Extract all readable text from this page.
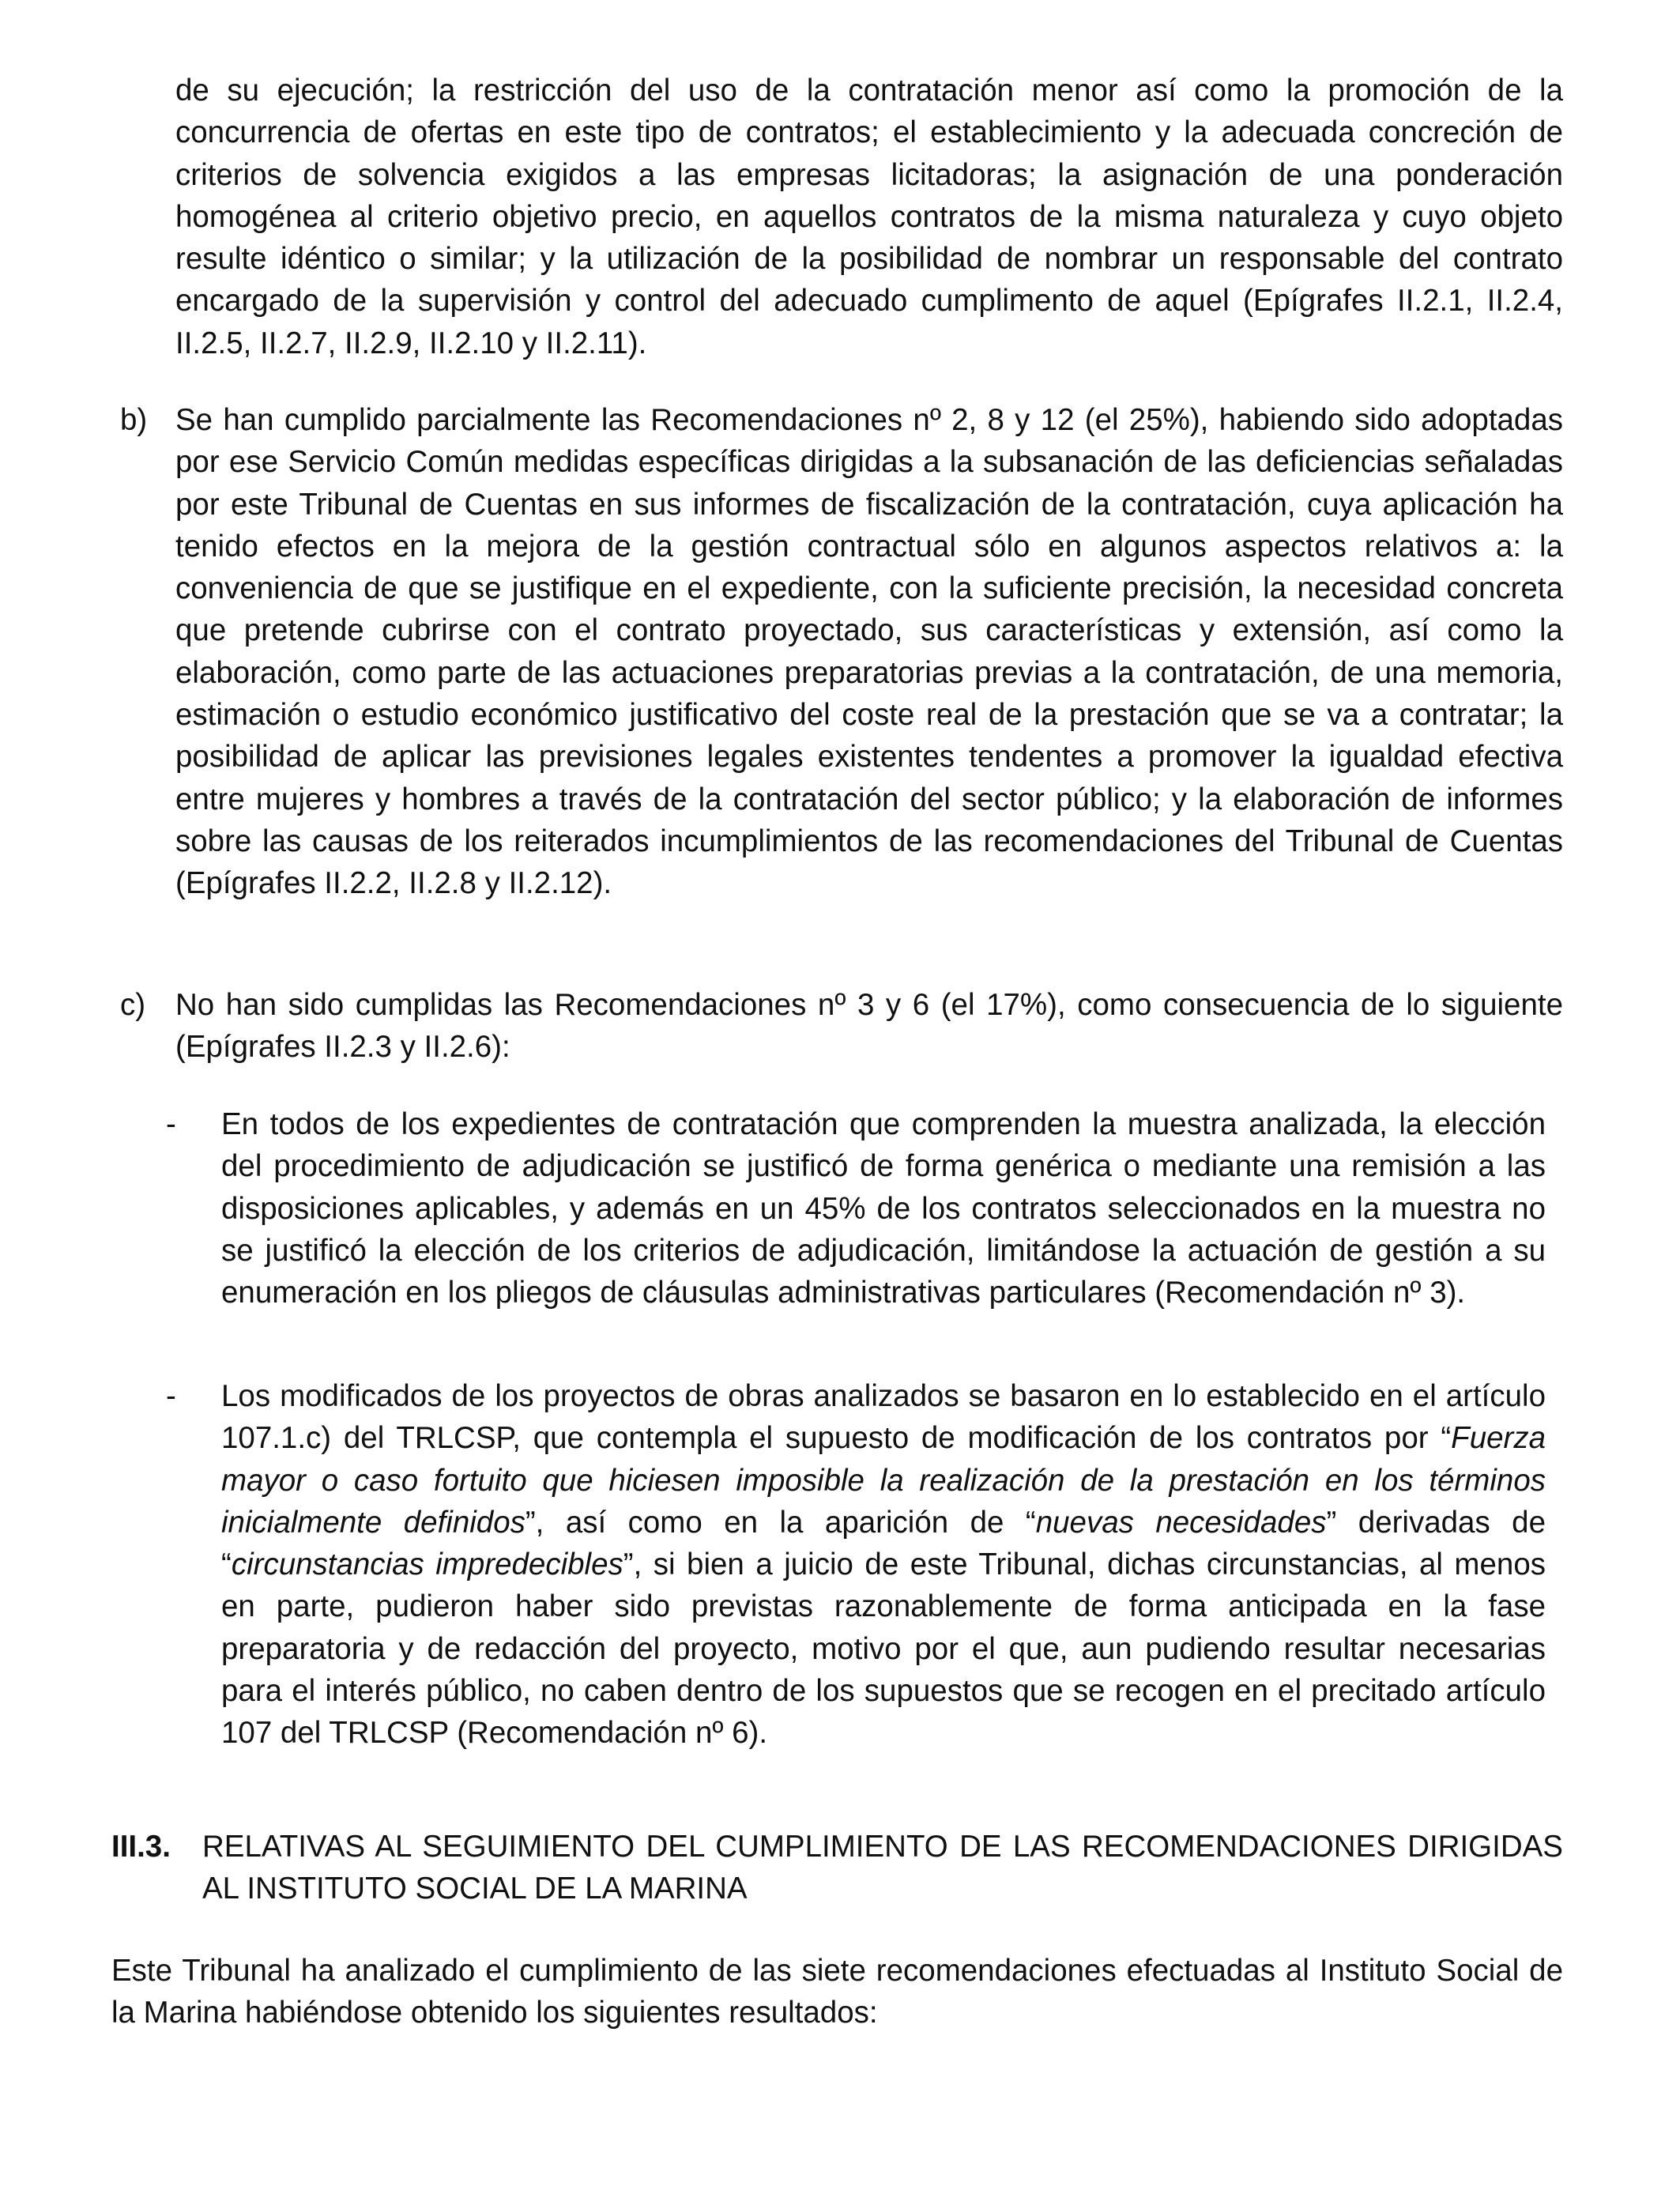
de su ejecución; la restricción del uso de la contratación menor así como la promoción de la concurrencia de ofertas en este tipo de contratos; el establecimiento y la adecuada concreción de criterios de solvencia exigidos a las empresas licitadoras; la asignación de una ponderación homogénea al criterio objetivo precio, en aquellos contratos de la misma naturaleza y cuyo objeto resulte idéntico o similar; y la utilización de la posibilidad de nombrar un responsable del contrato encargado de la supervisión y control del adecuado cumplimento de aquel (Epígrafes II.2.1, II.2.4, II.2.5, II.2.7, II.2.9, II.2.10 y II.2.11).

b) Se han cumplido parcialmente las Recomendaciones nº 2, 8 y 12 (el 25%), habiendo sido adoptadas por ese Servicio Común medidas específicas dirigidas a la subsanación de las deficiencias señaladas por este Tribunal de Cuentas en sus informes de fiscalización de la contratación, cuya aplicación ha tenido efectos en la mejora de la gestión contractual sólo en algunos aspectos relativos a: la conveniencia de que se justifique en el expediente, con la suficiente precisión, la necesidad concreta que pretende cubrirse con el contrato proyectado, sus características y extensión, así como la elaboración, como parte de las actuaciones preparatorias previas a la contratación, de una memoria, estimación o estudio económico justificativo del coste real de la prestación que se va a contratar; la posibilidad de aplicar las previsiones legales existentes tendentes a promover la igualdad efectiva entre mujeres y hombres a través de la contratación del sector público; y la elaboración de informes sobre las causas de los reiterados incumplimientos de las recomendaciones del Tribunal de Cuentas (Epígrafes II.2.2, II.2.8 y II.2.12).

c) No han sido cumplidas las Recomendaciones nº 3 y 6 (el 17%), como consecuencia de lo siguiente (Epígrafes II.2.3 y II.2.6):

- En todos de los expedientes de contratación que comprenden la muestra analizada, la elección del procedimiento de adjudicación se justificó de forma genérica o mediante una remisión a las disposiciones aplicables, y además en un 45% de los contratos seleccionados en la muestra no se justificó la elección de los criterios de adjudicación, limitándose la actuación de gestión a su enumeración en los pliegos de cláusulas administrativas particulares (Recomendación nº 3).

- Los modificados de los proyectos de obras analizados se basaron en lo establecido en el artículo 107.1.c) del TRLCSP, que contempla el supuesto de modificación de los contratos por “Fuerza mayor o caso fortuito que hiciesen imposible la realización de la prestación en los términos inicialmente definidos”, así como en la aparición de “nuevas necesidades” derivadas de “circunstancias impredecibles”, si bien a juicio de este Tribunal, dichas circunstancias, al menos en parte, pudieron haber sido previstas razonablemente de forma anticipada en la fase preparatoria y de redacción del proyecto, motivo por el que, aun pudiendo resultar necesarias para el interés público, no caben dentro de los supuestos que se recogen en el precitado artículo 107 del TRLCSP (Recomendación nº 6).

III.3. RELATIVAS AL SEGUIMIENTO DEL CUMPLIMIENTO DE LAS RECOMENDACIONES DIRIGIDAS AL INSTITUTO SOCIAL DE LA MARINA

Este Tribunal ha analizado el cumplimiento de las siete recomendaciones efectuadas al Instituto Social de la Marina habiéndose obtenido los siguientes resultados:
